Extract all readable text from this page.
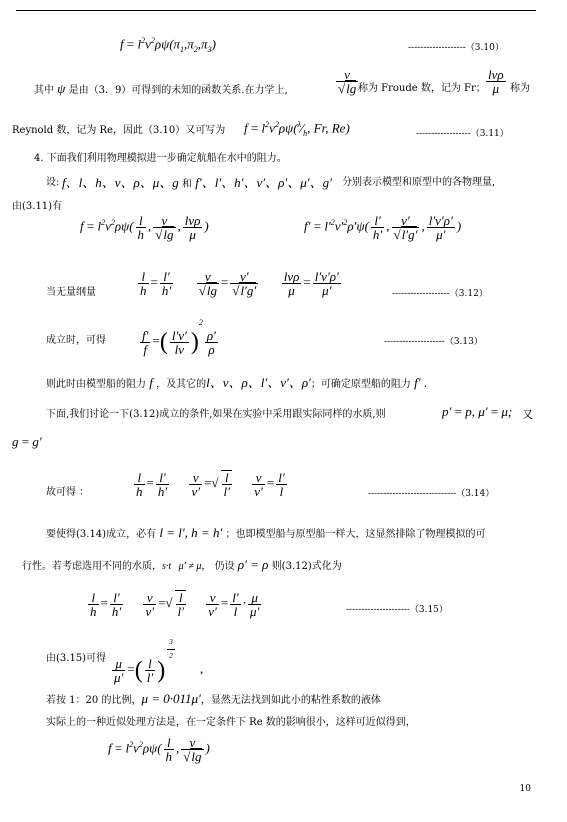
$f = l^2v^2\rho\psi(\pi_1,\pi_2,\pi_3)$	-------------------（3.10）
其中 ψ 是由（3．9）可得到的未知的函数关系.在力学上,	$\frac{v}{√\lg}$ 称为 Froude 数，记为 Fr； $\frac{\text{lvρ}}{\mu}$ 称为
Reynold 数，记为 Re，因此（3.10）又可写为 $f = l^2v^2\rho\psi(^\lambda⁄_h$, Fr, Re)	------------------（3.11）
4. 下面我们利用物理模拟进一步确定航船在水中的阻力。
设: f、l、h、v、ρ、μ、g 和 f′、l′、h′、v′、ρ′、μ′、g′ 分别表示模型和原型中的各物理量,
由(3.11)有
$f = l^2v^2\rho\psi( \frac{l}{h}$ , $\frac{v}{√\lg}$ , $\frac{\text{lvρ}}{\mu}$ )	$f' = l'^2v'^2\rho'\psi( \frac{l'}{h'}$ , $\frac{v'}{√l'g'}$ , $\frac{l'v'\rho'}{\mu'}$ )
当无量纲量	$\frac{l}{h} = \frac{l'}{h'}$
$\frac{v}{√\lg} = \frac{v'}{√l'g'}$
$\frac{\text{lvρ}}{\mu} = \frac{l'v'\rho'}{\mu'}$	-------------------（3.12）
成立时，可得	$\frac{f'}{f}$ =( $\frac{l'v'}{lv} )^2$
$\frac{\rho'}{\rho}$	--------------------（3.13）
则此时由模型船的阻力 f ，及其它的l、v、ρ、l′、v′、ρ′；可确定原型船的阻力 f′ .
下面,我们讨论一下(3.12)成立的条件,如果在实验中采用跟实际同样的水质,则	p′ = p, μ′ = μ; 又
g = g′
故可得 ：	$\frac{l}{h} = \frac{l'}{h'}$
$\frac{v}{v'}$ =√ $\frac{l}{l'}$
$\frac{v}{v'} = \frac{l'}{l}$	-----------------------------（3.14）
要使得(3.14)成立，必有 l = l′, h = h′ ；也即模型船与原型船一样大，这显然排除了物理模拟的可
行性。若考虑选用不同的水质，s·t   μ′ ≠ μ， 仍设 ρ′ = ρ 则(3.12)式化为
$\frac{l}{h} = \frac{l'}{h'}$
$\frac{v}{v'}$ =√ $\frac{l}{l'}$
$\frac{v}{v'} = \frac{l'}{l} \cdot \frac{\mu}{\mu'}$	---------------------（3.15）
由(3.15)可得 $\frac{\mu}{\mu'}$ =( $\frac{l}{l'}$ )
$^{\frac{3}{2}}$
,
若按 1：20 的比例，μ = 0·011μ′，显然无法找到如此小的粘性系数的液体
实际上的一种近似处理方法是，在一定条件下 Re 数的影响很小，这样可近似得到，
$f = l^2v^2\rho\psi( \frac{l}{h}$ , $\frac{v}{√\lg}$ )
10
